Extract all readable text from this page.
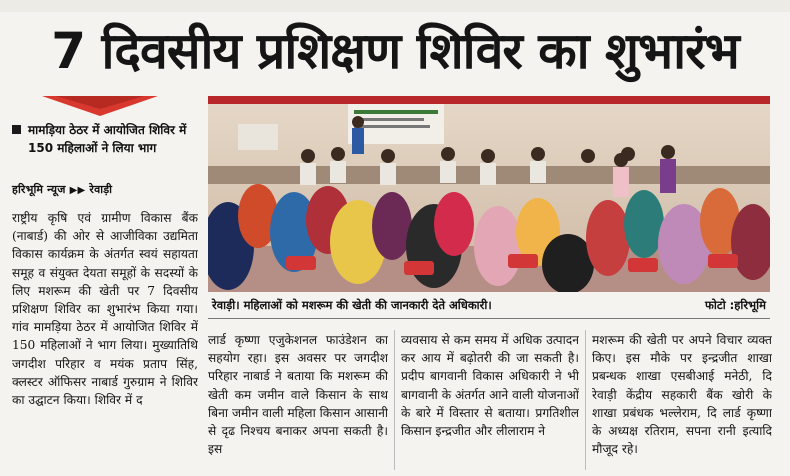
7 दिवसीय प्रशिक्षण शिविर का शुभारंभ
मामड़िया ठेठर में आयोजित शिविर में 150 महिलाओं ने लिया भाग
हरिभूमि न्यूज ▶▶ रेवाड़ी

राष्ट्रीय कृषि एवं ग्रामीण विकास बैंक (नाबार्ड) की ओर से आजीविका उद्यमिता विकास कार्यक्रम के अंतर्गत स्वयं सहायता समूह व संयुक्त देयता समूहों के सदस्यों के लिए मशरूम की खेती पर 7 दिवसीय प्रशिक्षण शिविर का शुभारंभ किया गया। गांव मामड़िया ठेठर में आयोजित शिविर में 150 महिलाओं ने भाग लिया। मुख्यातिथि जगदीश परिहार व मयंक प्रताप सिंह, क्लस्टर ऑफिसर नाबार्ड गुरुग्राम ने शिविर का उद्घाटन किया। शिविर में द

रेवाड़ी। महिलाओं को मशरूम की खेती की जानकारी देते अधिकारी।	फोटो :हरिभूमि

लार्ड कृष्णा एजुकेशनल फाउंडेशन का सहयोग रहा। इस अवसर पर जगदीश परिहार नाबार्ड ने बताया कि मशरूम की खेती कम जमीन वाले किसान के साथ बिना जमीन वाली महिला किसान आसानी से दृढ निश्चय बनाकर अपना सकती है। इस

व्यवसाय से कम समय में अधिक उत्पादन कर आय में बढ़ोतरी की जा सकती है। प्रदीप बागवानी विकास अधिकारी ने भी बागवानी के अंतर्गत आने वाली योजनाओं के बारे में विस्तार से बताया। प्रगतिशील किसान इन्द्रजीत और लीलाराम ने

मशरूम की खेती पर अपने विचार व्यक्त किए। इस मौके पर इन्द्रजीत शाखा प्रबन्धक शाखा एसबीआई मनेठी, दि रेवाड़ी केंद्रीय सहकारी बैंक खोरी के शाखा प्रबंधक भल्लेराम, दि लार्ड कृष्णा के अध्यक्ष रतिराम, सपना रानी इत्यादि मौजूद रहे।
